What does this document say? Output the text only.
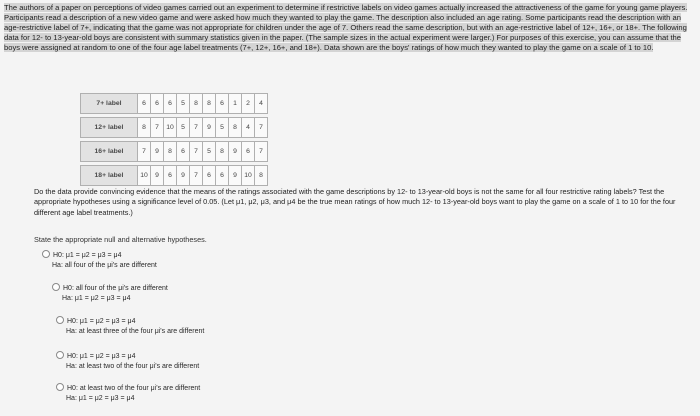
The authors of a paper on perceptions of video games carried out an experiment to determine if restrictive labels on video games actually increased the attractiveness of the game for young game players. Participants read a description of a new video game and were asked how much they wanted to play the game. The description also included an age rating. Some participants read the description with an age-restrictive label of 7+, indicating that the game was not appropriate for children under the age of 7. Others read the same description, but with an age-restrictive label of 12+, 16+, or 18+. The following data for 12- to 13-year-old boys are consistent with summary statistics given in the paper. (The sample sizes in the actual experiment were larger.) For purposes of this exercise, you can assume that the boys were assigned at random to one of the four age label treatments (7+, 12+, 16+, and 18+). Data shown are the boys' ratings of how much they wanted to play the game on a scale of 1 to 10.
7+ label	6	6	6	5	8	8	6	1	2	4

12+ label	8	7	10	5	7	9	5	8	4	7

16+ label	7	9	8	6	7	5	8	9	6	7

18+ label	10	9	6	9	7	6	6	9	10	8
Do the data provide convincing evidence that the means of the ratings associated with the game descriptions by 12- to 13-year-old boys is not the same for all four restrictive rating labels? Test the appropriate hypotheses using a significance level of 0.05. (Let μ1, μ2, μ3, and μ4 be the true mean ratings of how much 12- to 13-year-old boys want to play the game on a scale of 1 to 10 for the four different age label treatments.)
State the appropriate null and alternative hypotheses.
H0: μ1 = μ2 = μ3 = μ4
Ha: all four of the μi's are different
H0: all four of the μi's are different
Ha: μ1 = μ2 = μ3 = μ4
H0: μ1 = μ2 = μ3 = μ4
Ha: at least three of the four μi's are different
H0: μ1 = μ2 = μ3 = μ4
Ha: at least two of the four μi's are different
H0: at least two of the four μi's are different
Ha: μ1 = μ2 = μ3 = μ4
